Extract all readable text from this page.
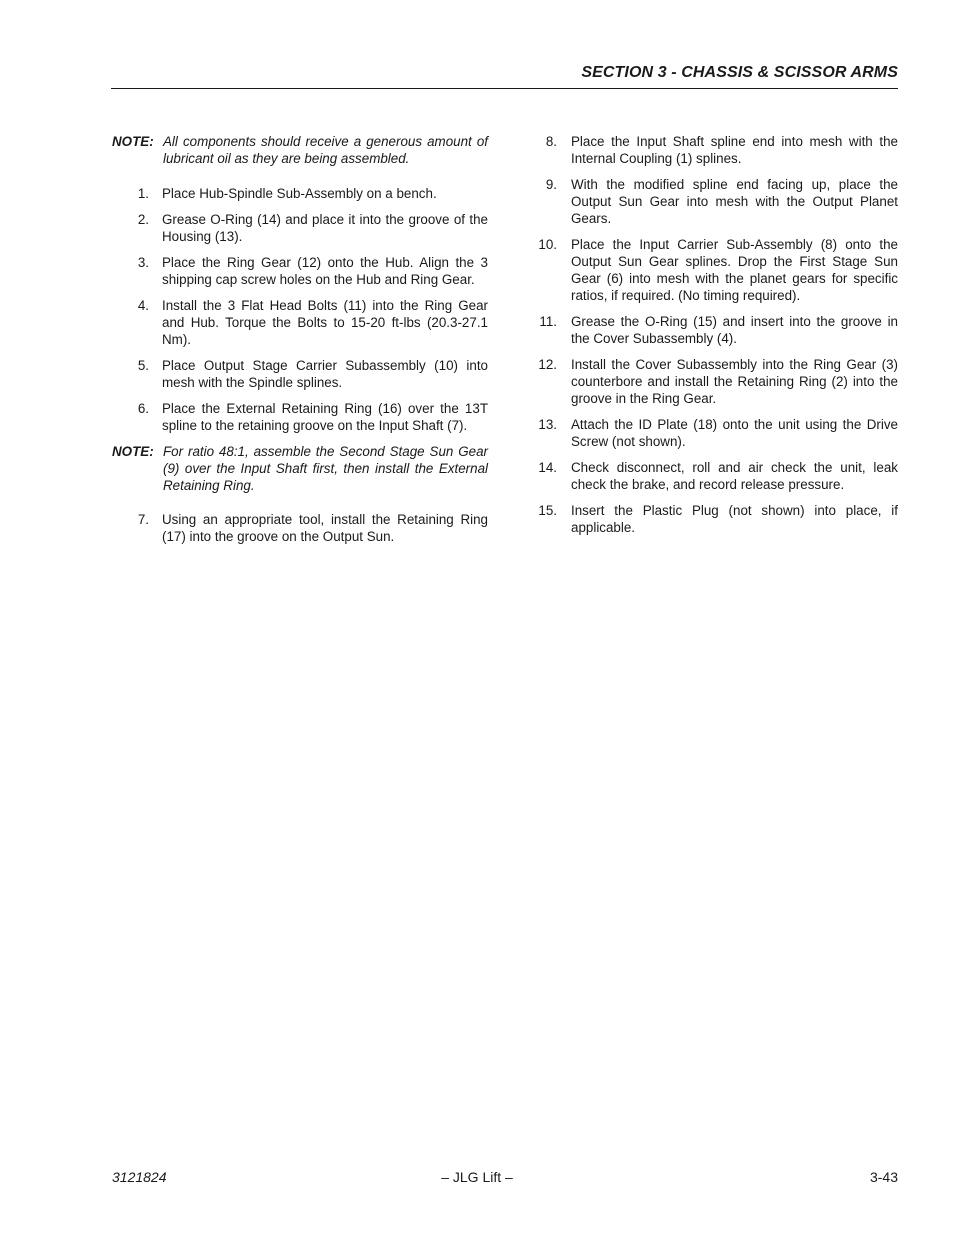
SECTION 3 - CHASSIS & SCISSOR ARMS
NOTE: All components should receive a generous amount of lubricant oil as they are being assembled.
1. Place Hub-Spindle Sub-Assembly on a bench.
2. Grease O-Ring (14) and place it into the groove of the Housing (13).
3. Place the Ring Gear (12) onto the Hub. Align the 3 shipping cap screw holes on the Hub and Ring Gear.
4. Install the 3 Flat Head Bolts (11) into the Ring Gear and Hub. Torque the Bolts to 15-20 ft-lbs (20.3-27.1 Nm).
5. Place Output Stage Carrier Subassembly (10) into mesh with the Spindle splines.
6. Place the External Retaining Ring (16) over the 13T spline to the retaining groove on the Input Shaft (7).
NOTE: For ratio 48:1, assemble the Second Stage Sun Gear (9) over the Input Shaft first, then install the External Retaining Ring.
7. Using an appropriate tool, install the Retaining Ring (17) into the groove on the Output Sun.
8.	Place the Input Shaft spline end into mesh with the Internal Coupling (1) splines.
9.	With the modified spline end facing up, place the Output Sun Gear into mesh with the Output Planet Gears.
10.	Place the Input Carrier Sub-Assembly (8) onto the Output Sun Gear splines. Drop the First Stage Sun Gear (6) into mesh with the planet gears for specific ratios, if required. (No timing required).
11.	Grease the O-Ring (15) and insert into the groove in the Cover Subassembly (4).
12.	Install the Cover Subassembly into the Ring Gear (3) counterbore and install the Retaining Ring (2) into the groove in the Ring Gear.
13.	Attach the ID Plate (18) onto the unit using the Drive Screw (not shown).
14.	Check disconnect, roll and air check the unit, leak check the brake, and record release pressure.
15.	Insert the Plastic Plug (not shown) into place, if applicable.
3121824	– JLG Lift –	3-43
